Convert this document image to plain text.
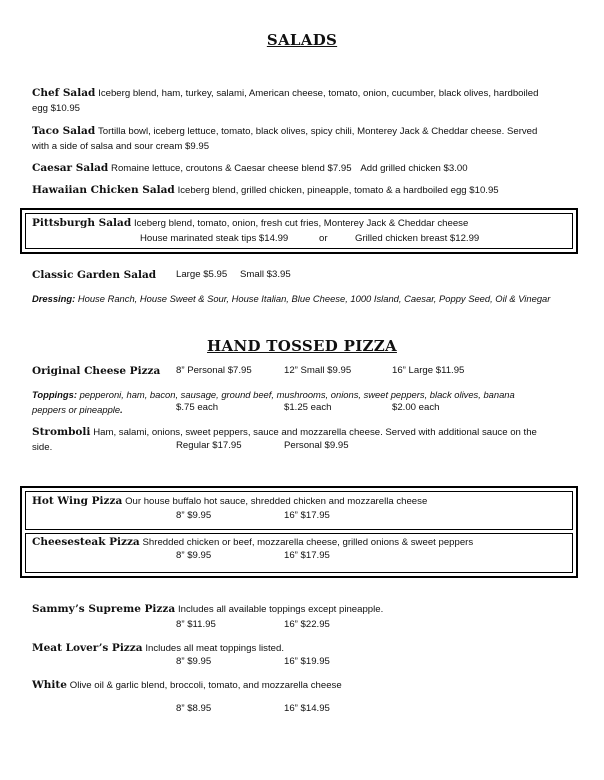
SALADS
Chef Salad Iceberg blend, ham, turkey, salami, American cheese, tomato, onion, cucumber, black olives, hardboiled
egg $10.95
Taco Salad Tortilla bowl, iceberg lettuce, tomato, black olives, spicy chili, Monterey Jack & Cheddar cheese. Served
with a side of salsa and sour cream $9.95
Caesar Salad Romaine lettuce, croutons & Caesar cheese blend $7.95 Add grilled chicken $3.00
Hawaiian Chicken Salad Iceberg blend, grilled chicken, pineapple, tomato & a hardboiled egg $10.95
Pittsburgh Salad Iceberg blend, tomato, onion, fresh cut fries, Monterey Jack & Cheddar cheese
House marinated steak tips $14.99	or	Grilled chicken breast $12.99
Classic Garden Salad	Large $5.95 Small $3.95
Dressing: House Ranch, House Sweet & Sour, House Italian, Blue Cheese, 1000 Island, Caesar, Poppy Seed, Oil & Vinegar
HAND TOSSED PIZZA
Original Cheese Pizza	8” Personal $7.95	12” Small $9.95	16” Large $11.95
Toppings: pepperoni, ham, bacon, sausage, ground beef, mushrooms, onions, sweet peppers, black olives, banana
peppers or pineapple.	$.75 each	$1.25 each	$2.00 each
Stromboli Ham, salami, onions, sweet peppers, sauce and mozzarella cheese. Served with additional sauce on the
side.	Regular $17.95	Personal $9.95
Hot Wing Pizza Our house buffalo hot sauce, shredded chicken and mozzarella cheese
8” $9.95	16” $17.95
Cheesesteak Pizza Shredded chicken or beef, mozzarella cheese, grilled onions & sweet peppers
8” $9.95	16” $17.95
Sammy’s Supreme Pizza Includes all available toppings except pineapple.
8” $11.95	16” $22.95
Meat Lover’s Pizza Includes all meat toppings listed.
8” $9.95	16” $19.95
White Olive oil & garlic blend, broccoli, tomato, and mozzarella cheese
8” $8.95	16” $14.95
